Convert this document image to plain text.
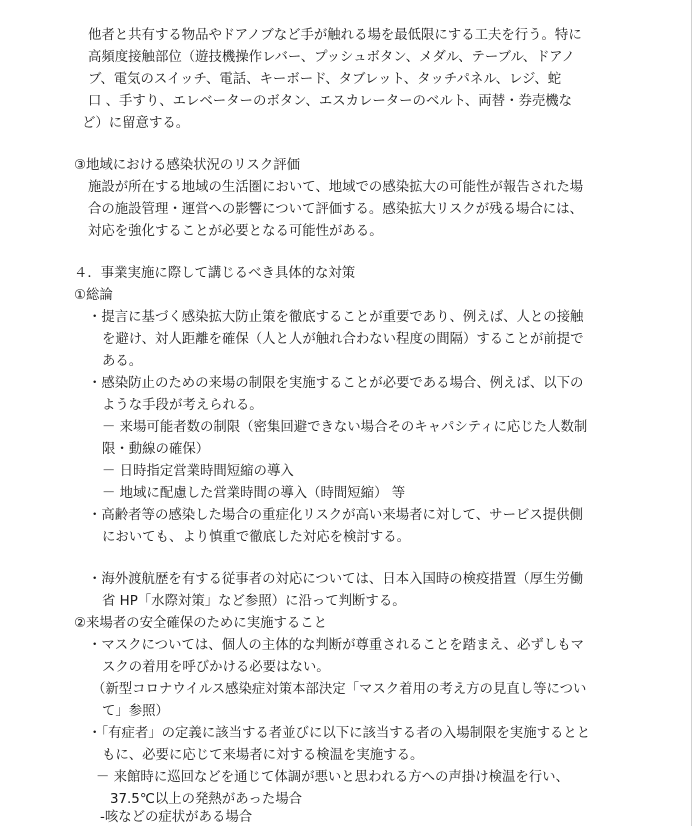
他者と共有する物品やドアノブなど手が触れる場を最低限にする工夫を行う。特に
高頻度接触部位（遊技機操作レバー、プッシュボタン、メダル、テーブル、ドアノ
ブ、電気のスイッチ、電話、キーボード、タブレット、タッチパネル、レジ、蛇
口 、手すり、エレベーターのボタン、エスカレーターのベルト、両替・券売機な
ど）に留意する。
③地域における感染状況のリスク評価
施設が所在する地域の生活圏において、地域での感染拡大の可能性が報告された場
合の施設管理・運営への影響について評価する。感染拡大リスクが残る場合には、
対応を強化することが必要となる可能性がある。
４．事業実施に際して講じるべき具体的な対策
①総論
・提言に基づく感染拡大防止策を徹底することが重要であり、例えば、人との接触
を避け、対人距離を確保（人と人が触れ合わない程度の間隔）することが前提で
ある。
・感染防止のための来場の制限を実施することが必要である場合、例えば、以下の
ような手段が考えられる。
－ 来場可能者数の制限（密集回避できない場合そのキャパシティに応じた人数制
限・動線の確保）
－ 日時指定営業時間短縮の導入
－ 地域に配慮した営業時間の導入（時間短縮） 等
・高齢者等の感染した場合の重症化リスクが高い来場者に対して、サービス提供側
においても、より慎重で徹底した対応を検討する。
・海外渡航歴を有する従事者の対応については、日本入国時の検疫措置（厚生労働
省 HP「水際対策」など参照）に沿って判断する。
②来場者の安全確保のために実施すること
・マスクについては、個人の主体的な判断が尊重されることを踏まえ、必ずしもマ
スクの着用を呼びかける必要はない。
（新型コロナウイルス感染症対策本部決定「マスク着用の考え方の見直し等につい
て」参照）
・「有症者」の定義に該当する者並びに以下に該当する者の入場制限を実施するとと
もに、必要に応じて来場者に対する検温を実施する。
－ 来館時に巡回などを通じて体調が悪いと思われる方への声掛け検温を行い、
37.5℃以上の発熱があった場合
-咳などの症状がある場合
